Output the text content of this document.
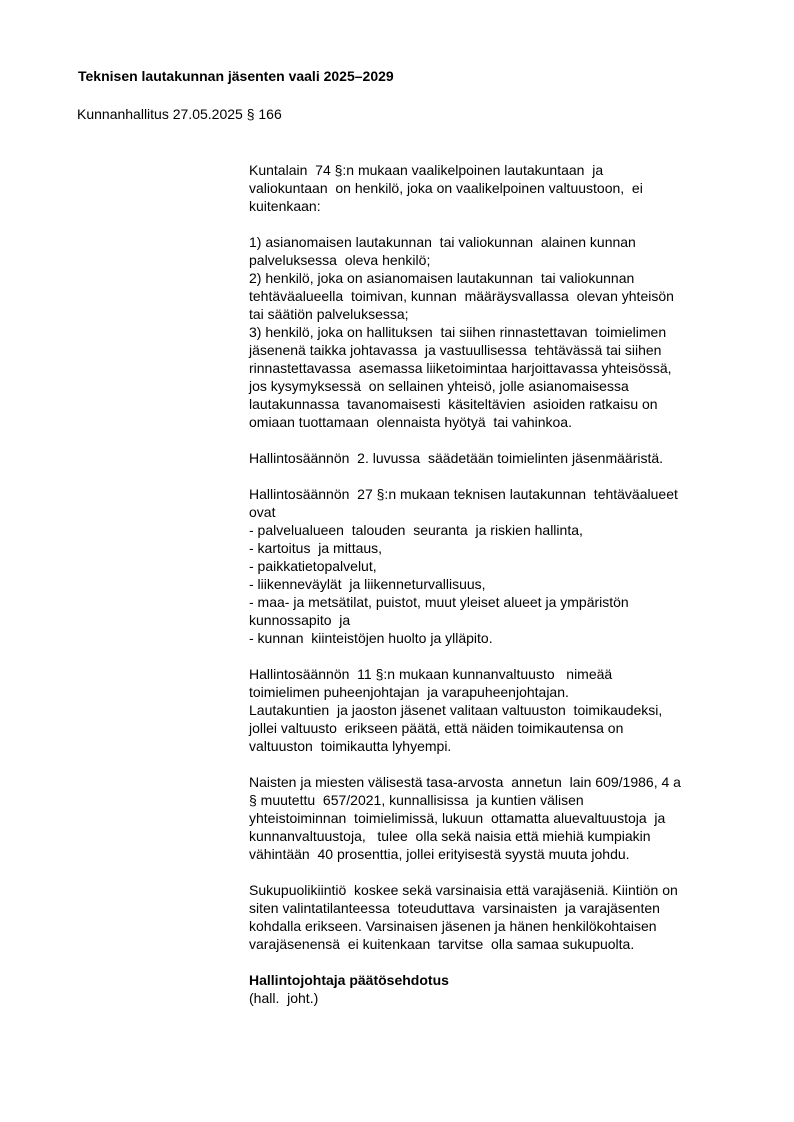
Teknisen lautakunnan jäsenten vaali 2025–2029
Kunnanhallitus 27.05.2025 § 166
Kuntalain  74 §:n mukaan vaalikelpoinen lautakuntaan  ja
valiokuntaan  on henkilö, joka on vaalikelpoinen valtuustoon,  ei
kuitenkaan:
1) asianomaisen lautakunnan  tai valiokunnan  alainen kunnan
palveluksessa  oleva henkilö;
2) henkilö, joka on asianomaisen lautakunnan  tai valiokunnan
tehtäväalueella  toimivan, kunnan  määräysvallassa  olevan yhteisön
tai säätiön palveluksessa;
3) henkilö, joka on hallituksen  tai siihen rinnastettavan  toimielimen
jäsenenä taikka johtavassa  ja vastuullisessa  tehtävässä tai siihen
rinnastettavassa  asemassa liiketoimintaa harjoittavassa yhteisössä,
jos kysymyksessä  on sellainen yhteisö, jolle asianomaisessa
lautakunnassa  tavanomaisesti  käsiteltävien  asioiden ratkaisu on
omiaan tuottamaan  olennaista hyötyä  tai vahinkoa.
Hallintosäännön  2. luvussa  säädetään toimielinten jäsenmääristä.
Hallintosäännön  27 §:n mukaan teknisen lautakunnan  tehtäväalueet
ovat
- palvelualueen  talouden  seuranta  ja riskien hallinta,
- kartoitus  ja mittaus,
- paikkatietopalvelut,
- liikenneväylät  ja liikenneturvallisuus,
- maa- ja metsätilat, puistot, muut yleiset alueet ja ympäristön
kunnossapito  ja
- kunnan  kiinteistöjen huolto ja ylläpito.
Hallintosäännön  11 §:n mukaan kunnanvaltuusto   nimeää
toimielimen puheenjohtajan  ja varapuheenjohtajan.
Lautakuntien  ja jaoston jäsenet valitaan valtuuston  toimikaudeksi,
jollei valtuusto  erikseen päätä, että näiden toimikautensa on
valtuuston  toimikautta lyhyempi.
Naisten ja miesten välisestä tasa-arvosta  annetun  lain 609/1986, 4 a
§ muutettu  657/2021, kunnallisissa  ja kuntien välisen
yhteistoiminnan  toimielimissä, lukuun  ottamatta aluevaltuustoja  ja
kunnanvaltuustoja,   tulee  olla sekä naisia että miehiä kumpiakin
vähintään  40 prosenttia, jollei erityisestä syystä muuta johdu.
Sukupuolikiintiö  koskee sekä varsinaisia että varajäseniä. Kiintiön on
siten valintatilanteessa  toteuduttava  varsinaisten  ja varajäsenten
kohdalla erikseen. Varsinaisen jäsenen ja hänen henkilökohtaisen
varajäsenensä  ei kuitenkaan  tarvitse  olla samaa sukupuolta.
Hallintojohtaja päätösehdotus
(hall.  joht.)
